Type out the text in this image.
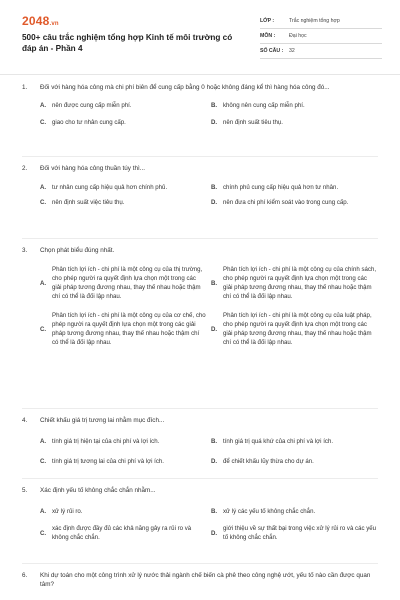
2048.vn
500+ câu trắc nghiệm tổng hợp Kinh tế môi trường có đáp án - Phần 4
LỚP :	Trắc nghiệm tổng hợp
MÔN :	Đại học
SỐ CÂU :	32
1.	Đối với hàng hóa công mà chi phí biên để cung cấp bằng 0 hoặc không đáng kể thì hàng hóa công đó...
A. nên được cung cấp miễn phí.	B. không nên cung cấp miễn phí.
C. giao cho tư nhân cung cấp.	D. nên định suất tiêu thụ.
2.	Đối với hàng hóa công thuần túy thì...
A. tư nhân cung cấp hiệu quả hơn chính phủ.	B. chính phủ cung cấp hiệu quả hơn tư nhân.
C. nên định suất việc tiêu thụ.	D. nên đưa chi phí kiểm soát vào trong cung cấp.
3.	Chọn phát biểu đúng nhất.
A.
Phân tích lợi ích - chi phí là một công cụ của thị trường, cho phép người ra quyết định lựa chọn một trong các giải pháp tương đương nhau, thay thế nhau hoặc thậm chí có thể là đối lập nhau.
B.
Phân tích lợi ích - chi phí là một công cụ của chính sách, cho phép người ra quyết định lựa chọn một trong các giải pháp tương đương nhau, thay thế nhau hoặc thậm chí có thể là đối lập nhau.
C.
Phân tích lợi ích - chi phí là một công cụ của cơ chế, cho phép người ra quyết định lựa chọn một trong các giải pháp tương đương nhau, thay thế nhau hoặc thậm chí có thể là đối lập nhau.
D.
Phân tích lợi ích - chi phí là một công cụ của luật pháp, cho phép người ra quyết định lựa chọn một trong các giải pháp tương đương nhau, thay thế nhau hoặc thậm chí có thể là đối lập nhau.
4.	Chiết khấu giá trị tương lai nhằm mục đích...
A. tính giá trị hiện tại của chi phí và lợi ích.	B. tính giá trị quá khứ của chi phí và lợi ích.
C. tính giá trị tương lai của chi phí và lợi ích.	D. để chiết khấu lũy thừa cho dự án.
5.	Xác định yếu tố không chắc chắn nhằm...
A. xử lý rủi ro.	B. xử lý các yếu tố không chắc chắn.
C.
xác định được đầy đủ các khả năng gây ra rủi ro và không chắc chắn.
D.
giới thiệu về sự thất bại trong việc xử lý rủi ro và các yếu tố không chắc chắn.
6.	Khi dự toán cho một công trình xử lý nước thải ngành chế biến cà phê theo công nghệ ướt, yếu tố nào cần được quan tâm?
